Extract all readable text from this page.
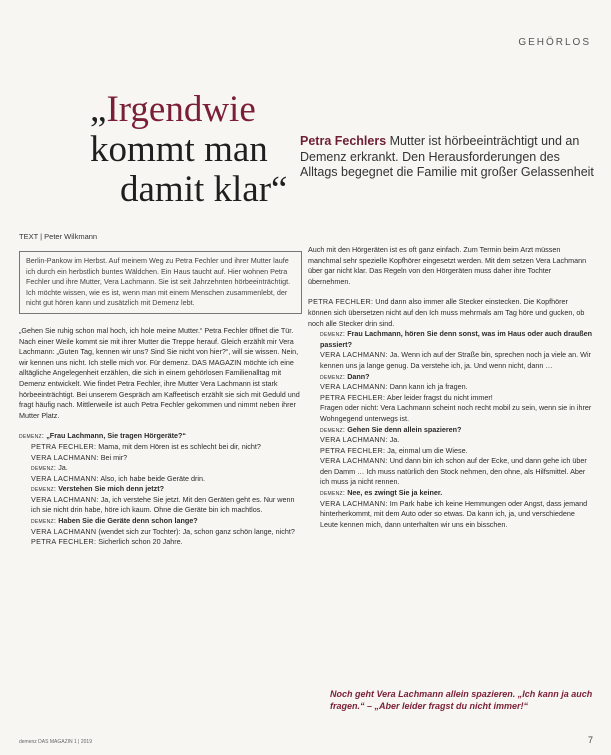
GEHÖRLOS
„Irgendwie kommt man
damit klar“
Petra Fechlers Mutter ist hörbeeinträchtigt und an Demenz erkrankt. Den Herausforderungen des Alltags begegnet die Familie mit großer Gelassenheit
TEXT | Peter Wilkmann
Berlin-Pankow im Herbst. Auf meinem Weg zu Petra Fechler und ihrer Mutter laufe ich durch ein herbstlich buntes Wäldchen. Ein Haus taucht auf. Hier wohnen Petra Fechler und ihre Mutter, Vera Lachmann. Sie ist seit Jahrzehnten hörbeeinträchtigt. Ich möchte wissen, wie es ist, wenn man mit einem Menschen zusammenlebt, der nicht gut hören kann und zusätzlich mit Demenz lebt.

„Gehen Sie ruhig schon mal hoch, ich hole meine Mutter.“ Petra Fechler öffnet die Tür. Nach einer Weile kommt sie mit ihrer Mutter die Treppe herauf. Gleich erzählt mir Vera Lachmann: „Guten Tag, kennen wir uns? Sind Sie nicht von hier?“, will sie wissen. Nein, wir kennen uns nicht. Ich stelle mich vor. Für demenz. DAS MAGAZIN möchte ich eine alltägliche Angelegenheit erzählen, die sich in einem gehörlosen Familienalltag mit Demenz entwickelt. Wie findet Petra Fechler, ihre Mutter Vera Lachmann ist stark hörbeeinträchtigt. Bei unserem Gespräch am Kaffeetisch erzählt sie sich mit Geduld und fragt häufig nach. Mittlerweile ist auch Petra Fechler gekommen und nimmt neben ihrer Mutter Platz.

demenz: „Frau Lachmann, Sie tragen Hörgeräte?“

PETRA FECHLER: Mama, mit dem Hören ist es schlecht bei dir, nicht?

VERA LACHMANN: Bei mir?

demenz: Ja.

VERA LACHMANN: Also, ich habe beide Geräte drin.

demenz: Verstehen Sie mich denn jetzt?

VERA LACHMANN: Ja, ich verstehe Sie jetzt. Mit den Geräten geht es. Nur wenn ich sie nicht drin habe, höre ich kaum. Ohne die Geräte bin ich machtlos.

demenz: Haben Sie die Geräte denn schon lange?

VERA LACHMANN (wendet sich zur Tochter): Ja, schon ganz schön lange, nicht?

PETRA FECHLER: Sicherlich schon 20 Jahre.

Auch mit den Hörgeräten ist es oft ganz einfach. Zum Termin beim Arzt müssen manchmal sehr spezielle Kopfhörer eingesetzt werden. Mit dem setzen Vera Lachmann über gar nicht klar. Das Regeln von den Hörgeräten muss daher ihre Tochter übernehmen.

PETRA FECHLER: Und dann also immer alle Stecker einstecken. Die Kopfhörer können sich übersetzen nicht auf den Ich muss mehrmals am Tag höre und gucken, ob noch alle Stecker drin sind.

demenz: Frau Lachmann, hören Sie denn sonst, was im Haus oder auch draußen passiert?

VERA LACHMANN: Ja. Wenn ich auf der Straße bin, sprechen noch ja viele an. Wir kennen uns ja lange genug. Da verstehe ich, ja. Und wenn nicht, dann …

demenz: Dann?

VERA LACHMANN: Dann kann ich ja fragen.

PETRA FECHLER: Aber leider fragst du nicht immer!

Fragen oder nicht: Vera Lachmann scheint noch recht mobil zu sein, wenn sie in ihrer Wohngegend unterwegs ist.

demenz: Gehen Sie denn allein spazieren?

VERA LACHMANN: Ja.

PETRA FECHLER: Ja, einmal um die Wiese.

VERA LACHMANN: Und dann bin ich schon auf der Ecke, und dann gehe ich über den Damm … Ich muss natürlich den Stock nehmen, den ohne, als Hilfsmittel. Aber ich muss ja nicht rennen.

demenz: Nee, es zwingt Sie ja keiner.

VERA LACHMANN: Im Park habe ich keine Hemmungen oder Angst, dass jemand hinterherkommt, mit dem Auto oder so etwas. Da kann ich, ja, und verschiedene Leute kennen mich, dann unterhalten wir uns ein bisschen.

Noch geht Vera Lachmann allein spazieren. „Ich kann ja auch fragen.“ – „Aber leider fragst du nicht immer!“
demenz DAS MAGAZIN 1 | 2019	7
